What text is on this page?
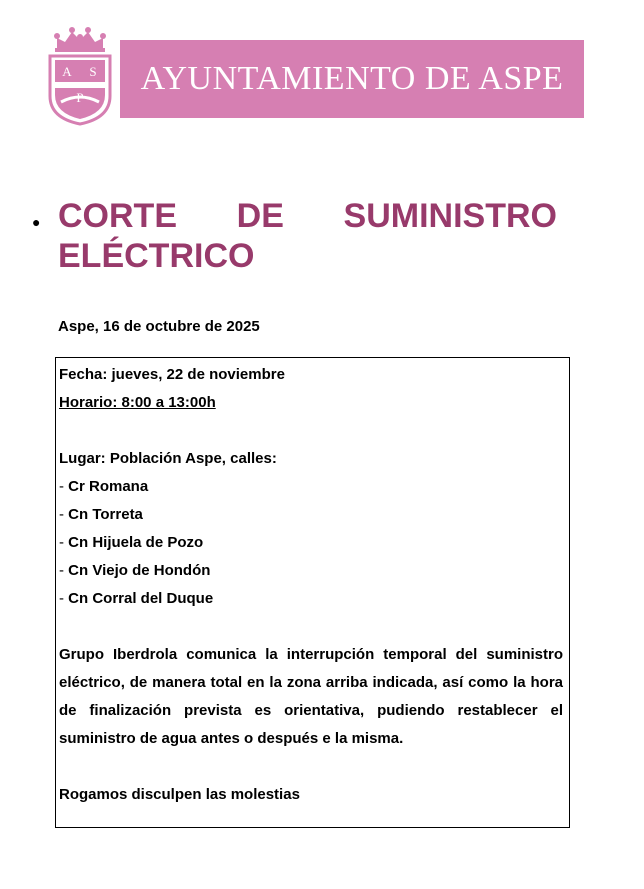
A S
P
AYUNTAMIENTO DE ASPE
● CORTE DE SUMINISTRO
ELÉCTRICO
Aspe, 16 de octubre de 2025
Fecha: jueves, 22 de noviembre
Horario: 8:00 a 13:00h
Lugar: Población Aspe, calles:
- Cr Romana
- Cn Torreta
- Cn Hijuela de Pozo
- Cn Viejo de Hondón
- Cn Corral del Duque

Grupo Iberdrola comunica la interrupción temporal del suministro eléctrico, de manera total en la zona arriba indicada, así como la hora de finalización prevista es orientativa, pudiendo restablecer el suministro de agua antes o después e la misma.

Rogamos disculpen las molestias
